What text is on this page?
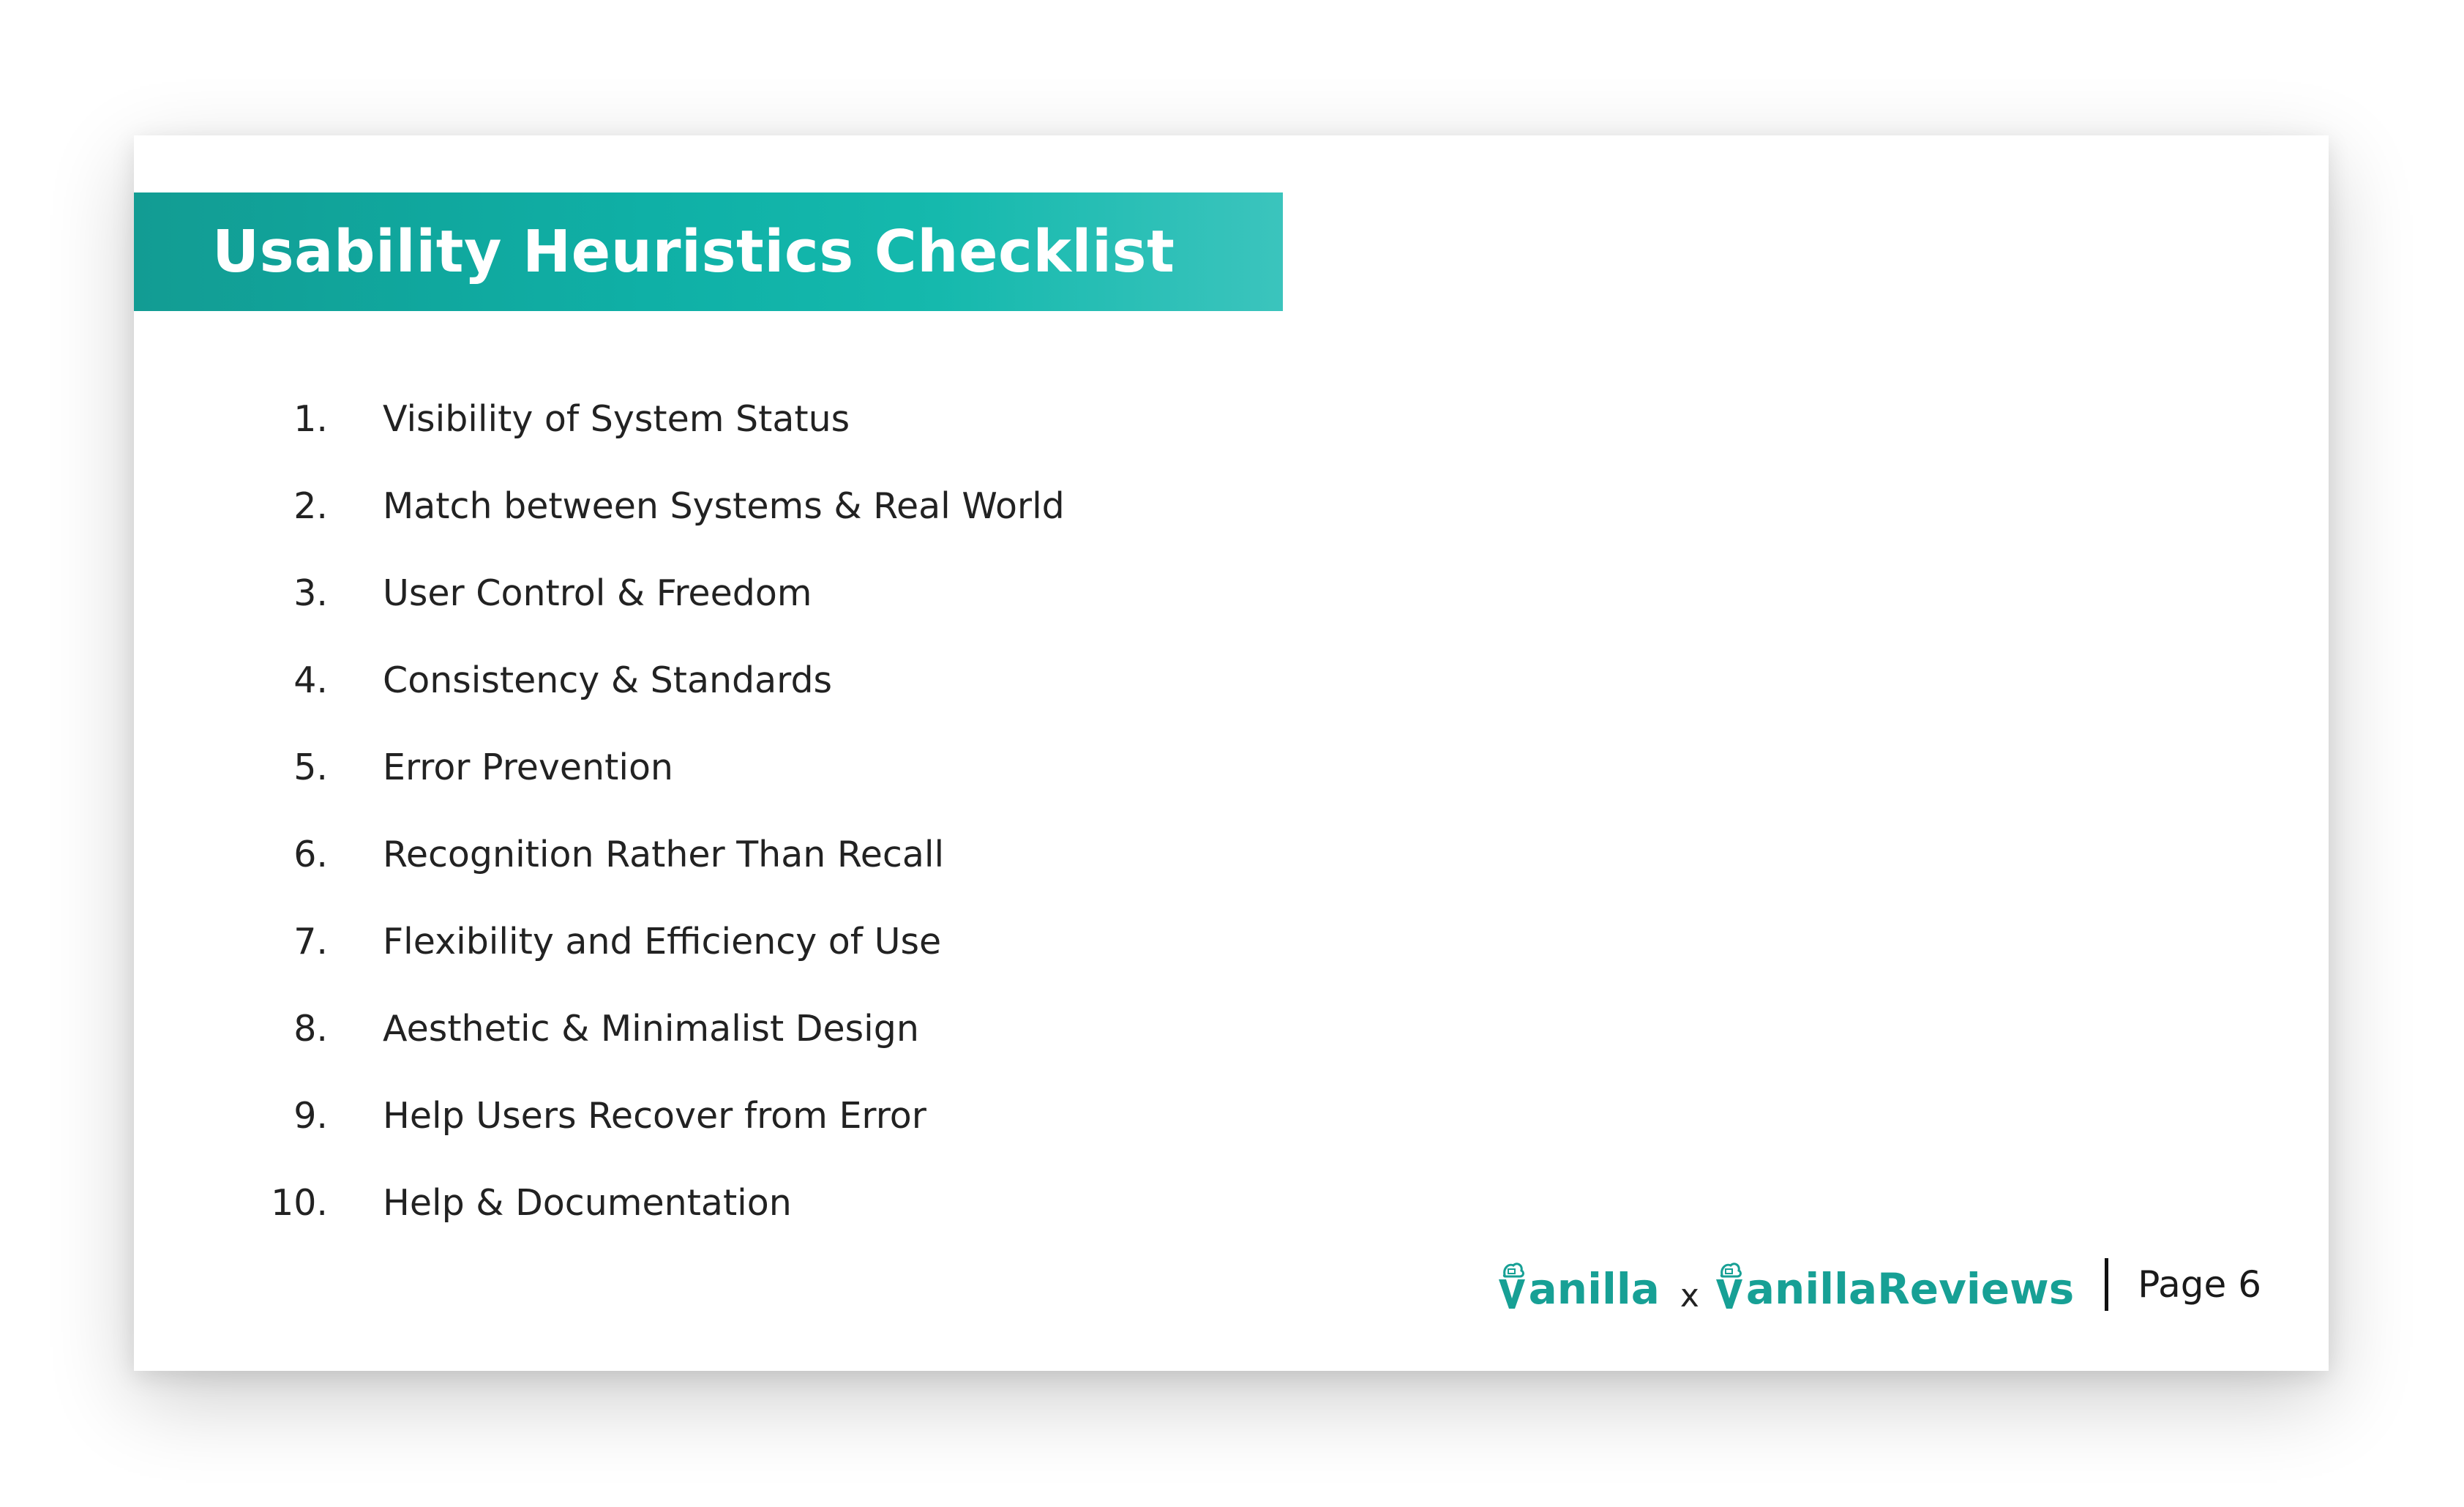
Usability Heuristics Checklist
1. Visibility of System Status
2. Match between Systems & Real World
3. User Control & Freedom
4. Consistency & Standards
5. Error Prevention
6. Recognition Rather Than Recall
7. Flexibility and Efficiency of Use
8. Aesthetic & Minimalist Design
9. Help Users Recover from Error
10. Help & Documentation
anilla x anillaReviews Page 6
